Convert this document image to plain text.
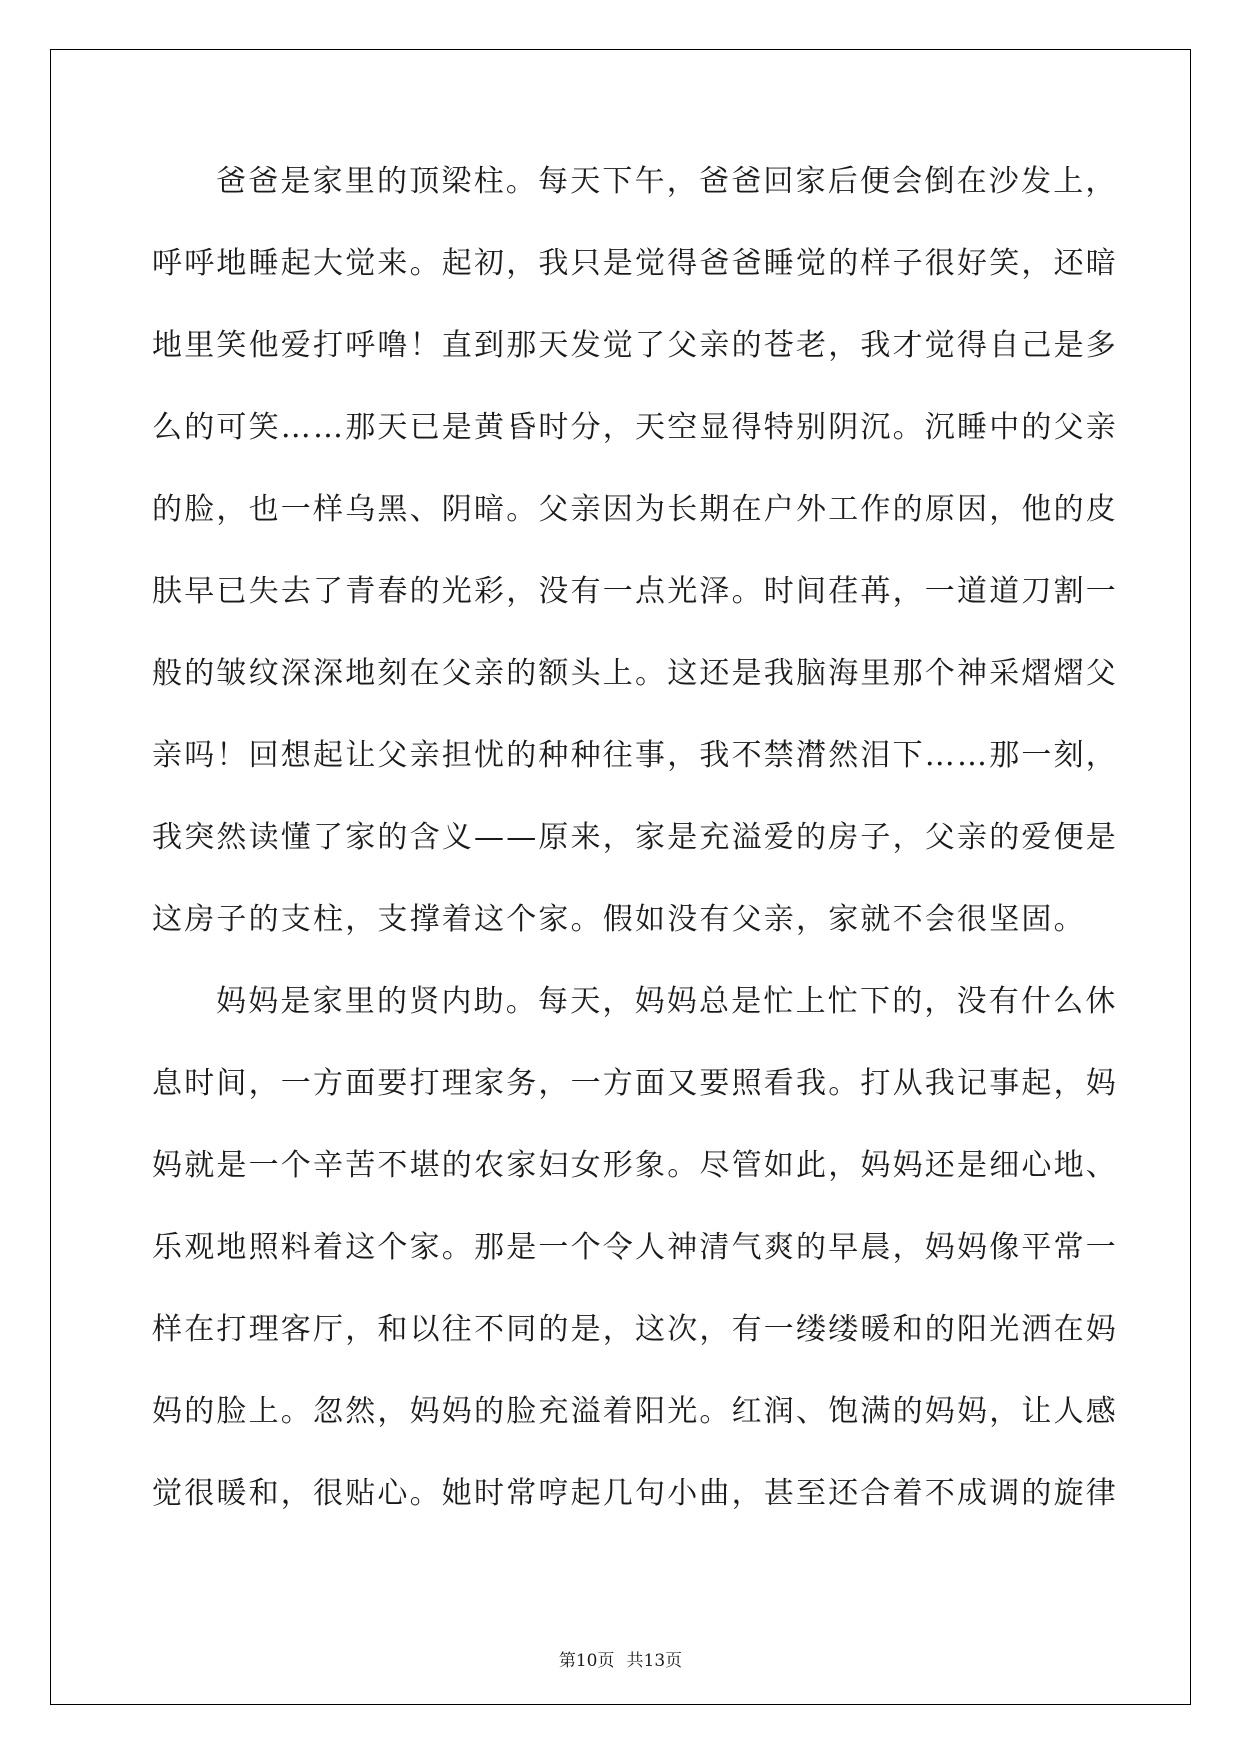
爸爸是家里的顶梁柱。每天下午，爸爸回家后便会倒在沙发上，
呼呼地睡起大觉来。起初，我只是觉得爸爸睡觉的样子很好笑，还暗
地里笑他爱打呼噜！直到那天发觉了父亲的苍老，我才觉得自己是多
么的可笑……那天已是黄昏时分，天空显得特别阴沉。沉睡中的父亲
的脸，也一样乌黑、阴暗。父亲因为长期在户外工作的原因，他的皮
肤早已失去了青春的光彩，没有一点光泽。时间荏苒，一道道刀割一
般的皱纹深深地刻在父亲的额头上。这还是我脑海里那个神采熠熠父
亲吗！回想起让父亲担忧的种种往事，我不禁潸然泪下……那一刻，
我突然读懂了家的含义——原来，家是充溢爱的房子，父亲的爱便是
这房子的支柱，支撑着这个家。假如没有父亲，家就不会很坚固。
妈妈是家里的贤内助。每天，妈妈总是忙上忙下的，没有什么休
息时间，一方面要打理家务，一方面又要照看我。打从我记事起，妈
妈就是一个辛苦不堪的农家妇女形象。尽管如此，妈妈还是细心地、
乐观地照料着这个家。那是一个令人神清气爽的早晨，妈妈像平常一
样在打理客厅，和以往不同的是，这次，有一缕缕暖和的阳光洒在妈
妈的脸上。忽然，妈妈的脸充溢着阳光。红润、饱满的妈妈，让人感
觉很暖和，很贴心。她时常哼起几句小曲，甚至还合着不成调的旋律
第10页 共13页
